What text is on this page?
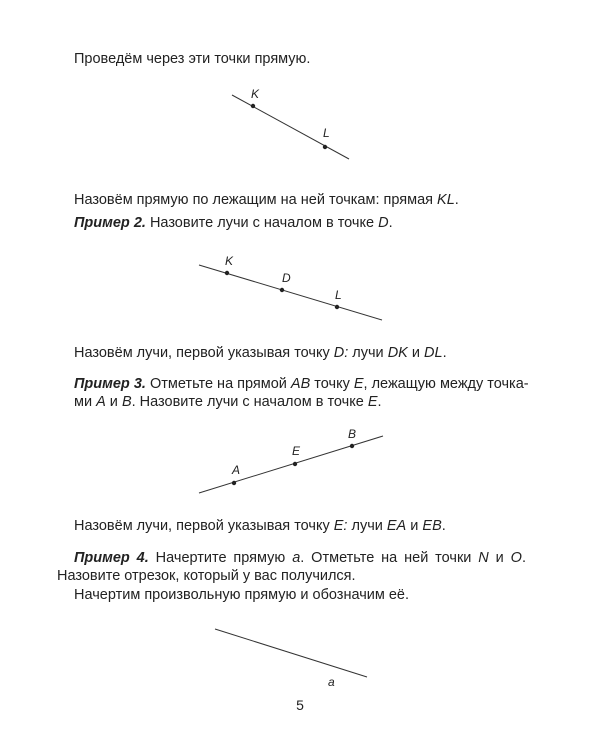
Проведём через эти точки прямую.
K
L
Назовём прямую по лежащим на ней точкам: прямая KL.
Пример 2. Назовите лучи с началом в точке D.
K
D
L
Назовём лучи, первой указывая точку D: лучи DK и DL.
Пример 3. Отметьте на прямой AB точку E, лежащую между точка-
ми A и B. Назовите лучи с началом в точке E.
A
E
B
Назовём лучи, первой указывая точку E: лучи EA и EB.
Пример 4. Начертите прямую a. Отметьте на ней точки N и O.
Назовите отрезок, который у вас получился.
Начертим произвольную прямую и обозначим её.
a
5
